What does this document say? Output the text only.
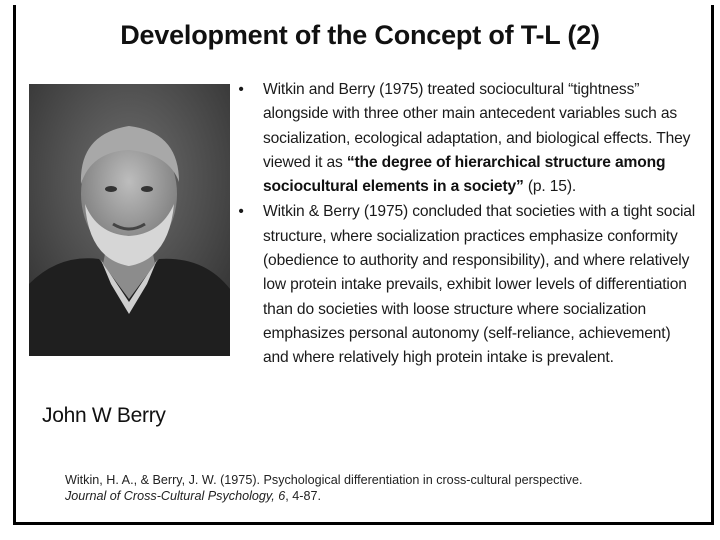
Development of the Concept of T-L (2)
John W Berry
• Witkin and Berry (1975) treated sociocultural “tightness” alongside with three other main antecedent variables such as socialization, ecological adaptation, and biological effects. They viewed it as “the degree of hierarchical structure among sociocultural elements in a society” (p. 15).
• Witkin & Berry (1975) concluded that societies with a tight social structure, where socialization practices emphasize conformity (obedience to authority and responsibility), and where relatively low protein intake prevails, exhibit lower levels of differentiation than do societies with loose structure where socialization emphasizes personal autonomy (self-reliance, achievement) and where relatively high protein intake is prevalent.
Witkin, H. A., & Berry, J. W. (1975). Psychological differentiation in cross-cultural perspective.
Journal of Cross-Cultural Psychology, 6, 4-87.
